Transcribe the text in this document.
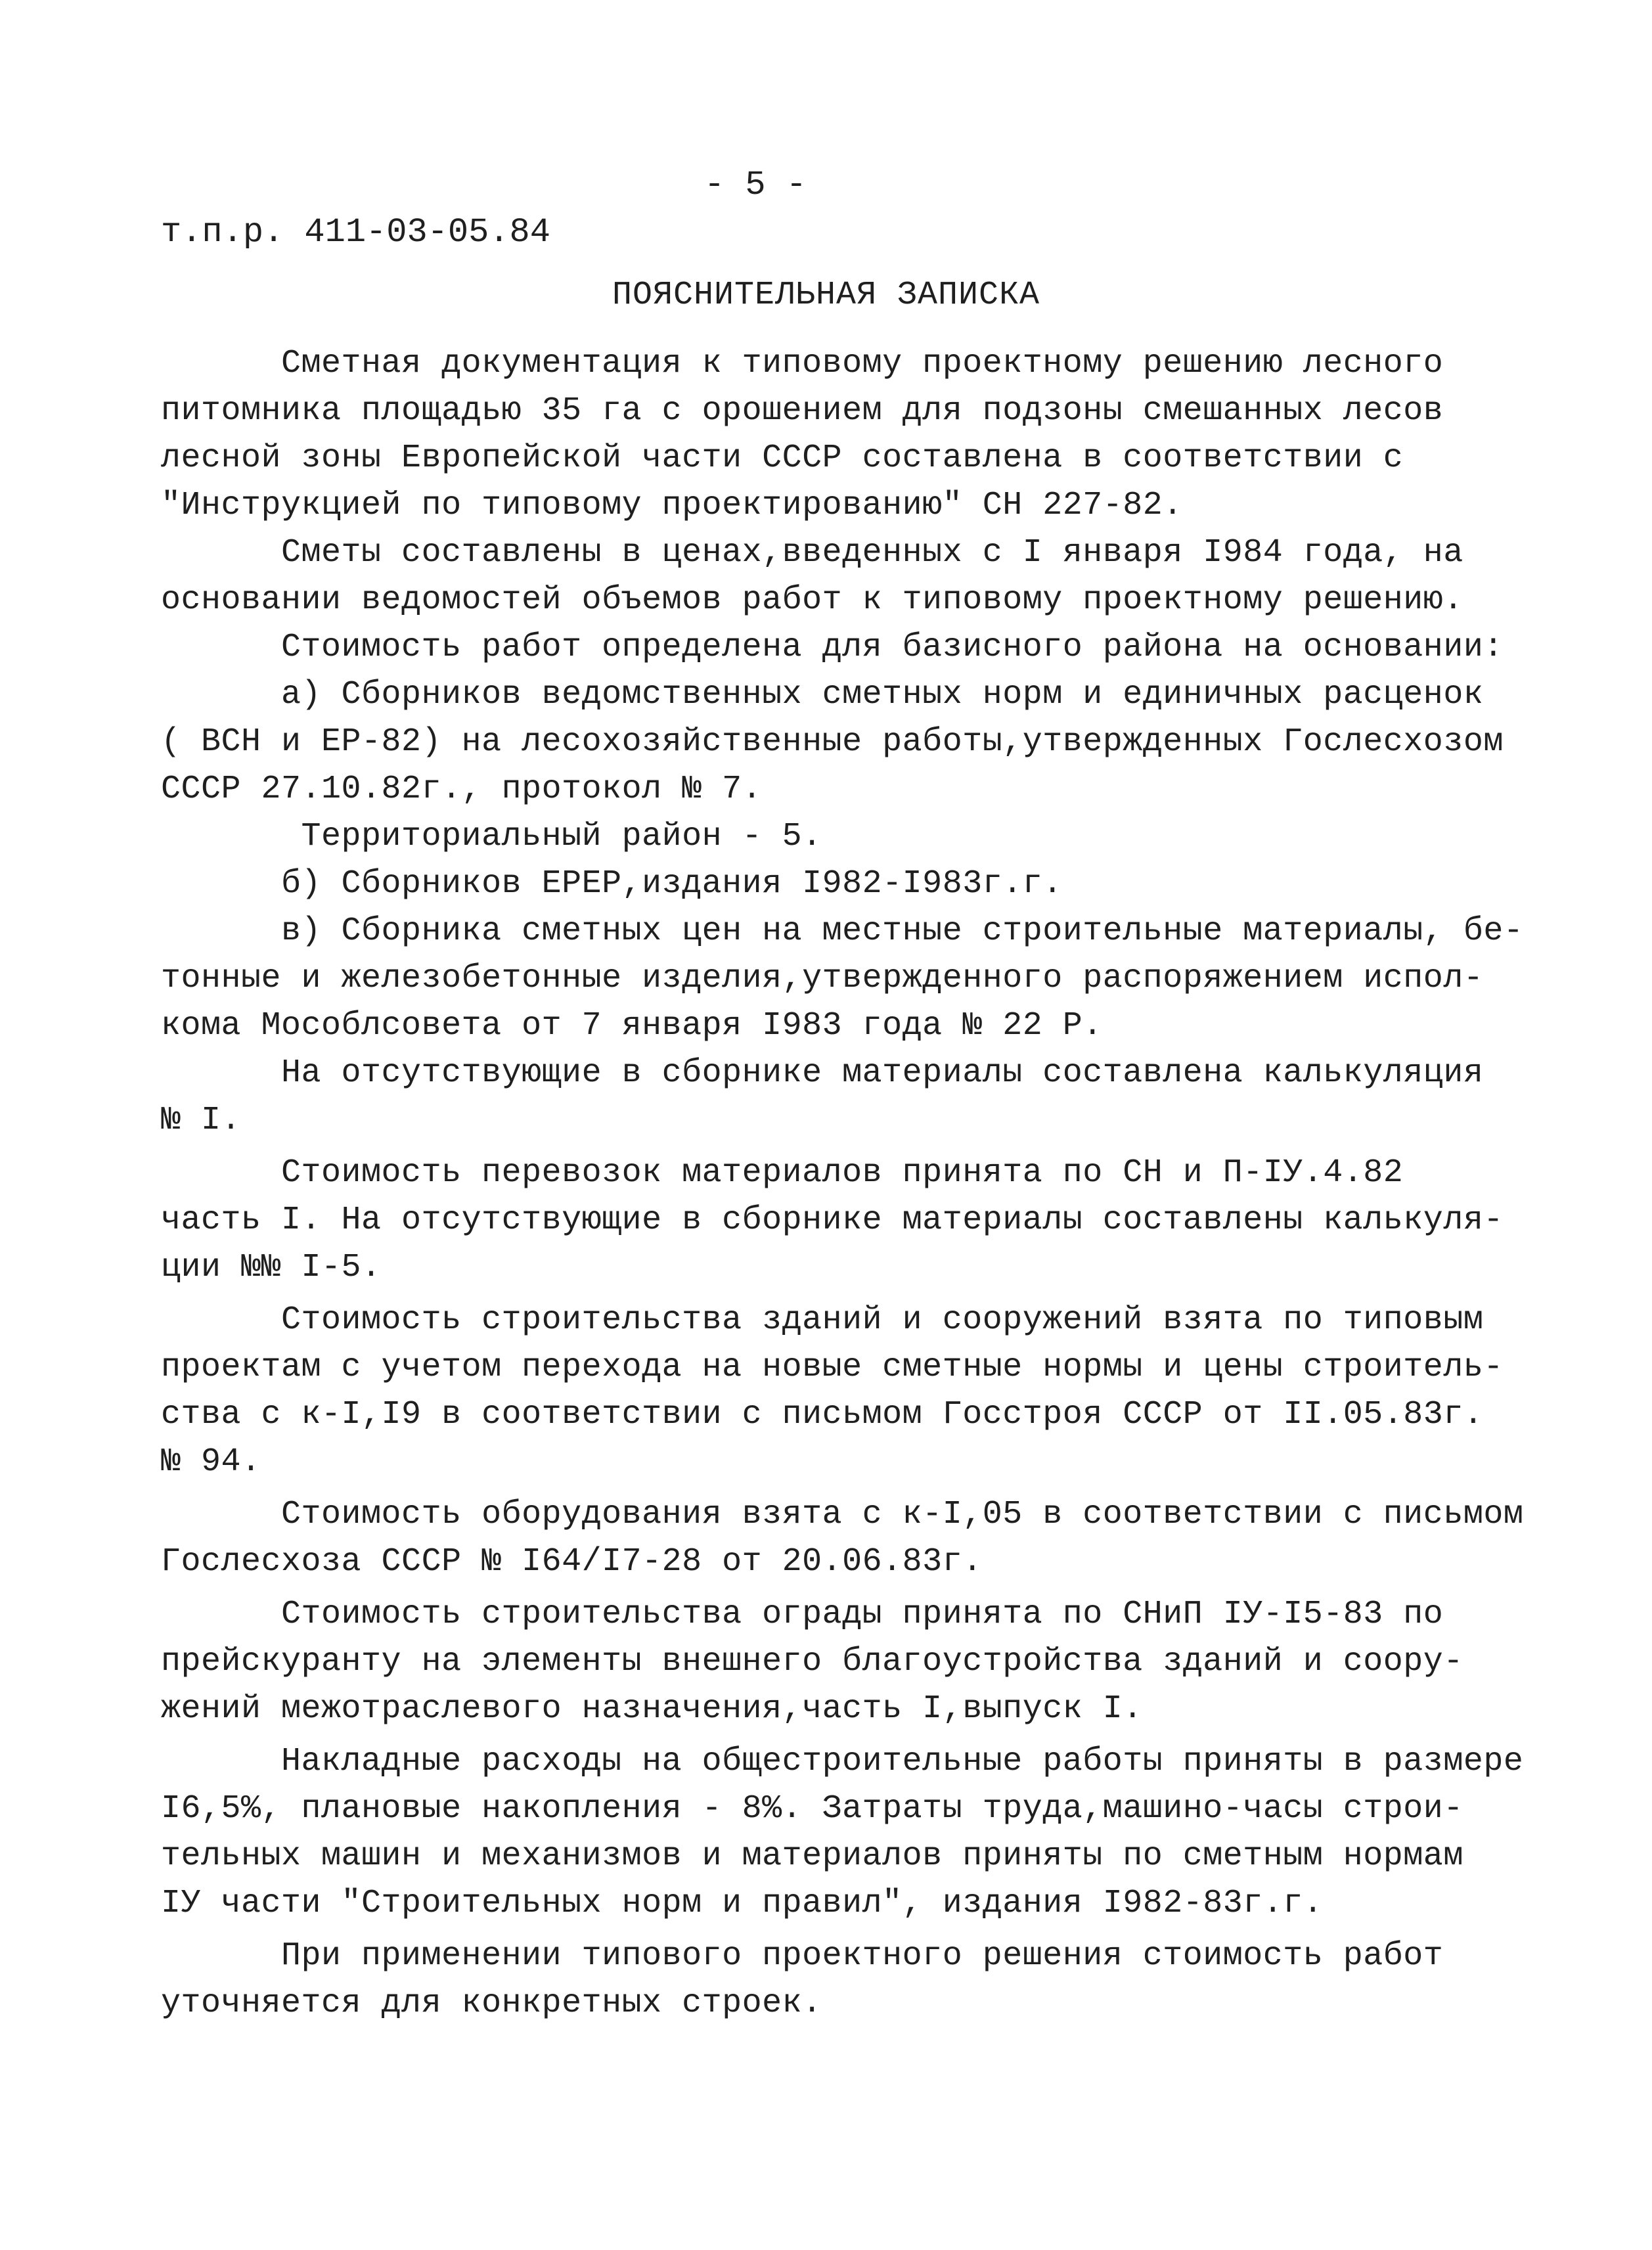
- 5 -
т.п.р. 411-03-05.84
ПОЯСНИТЕЛЬНАЯ ЗАПИСКА
Сметная документация к типовому проектному решению лесного
питомника площадью 35 га с орошением для подзоны смешанных лесов
лесной зоны Европейской части СССР составлена в соответствии с
"Инструкцией по типовому проектированию" СН 227-82.
Сметы составлены в ценах,введенных с I января I984 года, на
основании ведомостей объемов работ к типовому проектному решению.
Стоимость работ определена для базисного района на основании:
а) Сборников ведомственных сметных норм и единичных расценок
( ВСН и ЕР-82) на лесохозяйственные работы,утвержденных Гослесхозом
СССР 27.10.82г., протокол № 7.
Территориальный район - 5.
б) Сборников ЕРЕР,издания I982-I983г.г.
в) Сборника сметных цен на местные строительные материалы, бе-
тонные и железобетонные изделия,утвержденного распоряжением испол-
кома Мособлсовета от 7 января I983 года № 22 Р.
На отсутствующие в сборнике материалы составлена калькуляция
№ I.
Стоимость перевозок материалов принята по СН и П-IУ.4.82
часть I. На отсутствующие в сборнике материалы составлены калькуля-
ции №№ I-5.
Стоимость строительства зданий и сооружений взята по типовым
проектам с учетом перехода на новые сметные нормы и цены строитель-
ства с к-I,I9 в соответствии с письмом Госстроя СССР от II.05.83г.
№ 94.
Стоимость оборудования взята с к-I,05 в соответствии с письмом
Гослесхоза СССР № I64/I7-28 от 20.06.83г.
Стоимость строительства ограды принята по СНиП IУ-I5-83 по
прейскуранту на элементы внешнего благоустройства зданий и соору-
жений межотраслевого назначения,часть I,выпуск I.
Накладные расходы на общестроительные работы приняты в размере
I6,5%, плановые накопления - 8%. Затраты труда,машино-часы строи-
тельных машин и механизмов и материалов приняты по сметным нормам
IУ части "Строительных норм и правил", издания I982-83г.г.
При применении типового проектного решения стоимость работ
уточняется для конкретных строек.
